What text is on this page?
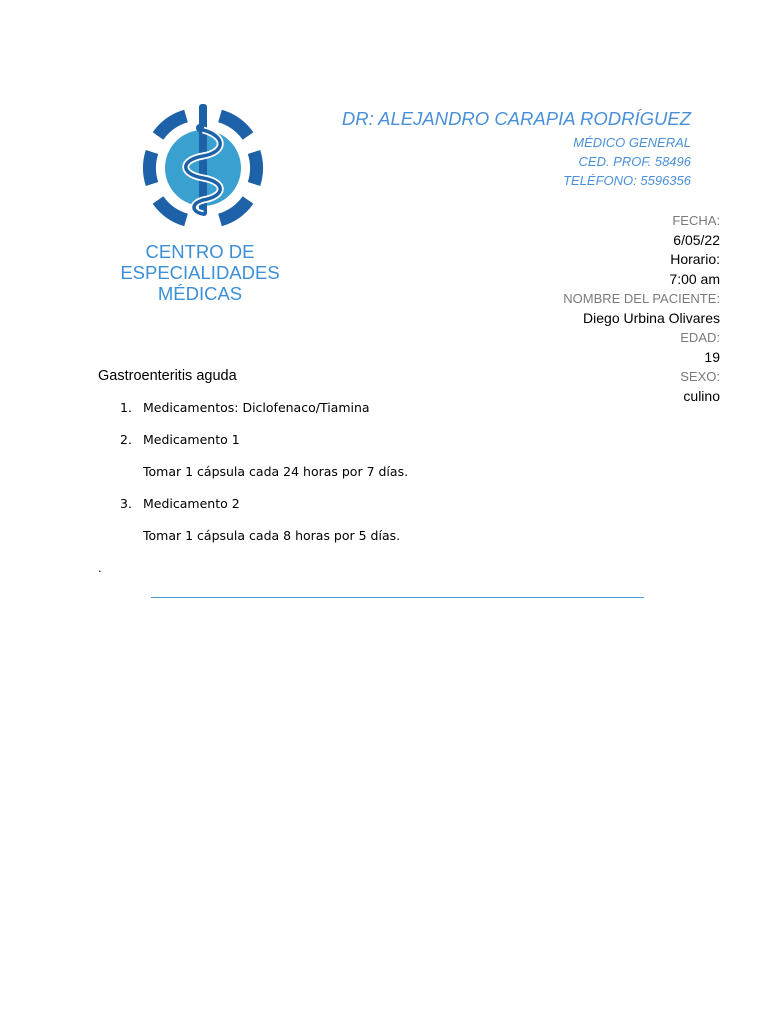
CENTRO DE
ESPECIALIDADES
MÉDICAS
DR: ALEJANDRO CARAPIA RODRÍGUEZ
MÉDICO GENERAL
CED. PROF. 58496
TELÉFONO: 5596356
FECHA:
6/05/22
Horario:
7:00 am
NOMBRE DEL PACIENTE:
Diego Urbina Olivares
EDAD:
19
SEXO:
culino
Gastroenteritis aguda
1. Medicamentos: Diclofenaco/Tiamina
2. Medicamento 1
Tomar 1 cápsula cada 24 horas por 7 días.
3. Medicamento 2
Tomar 1 cápsula cada 8 horas por 5 días.
.
